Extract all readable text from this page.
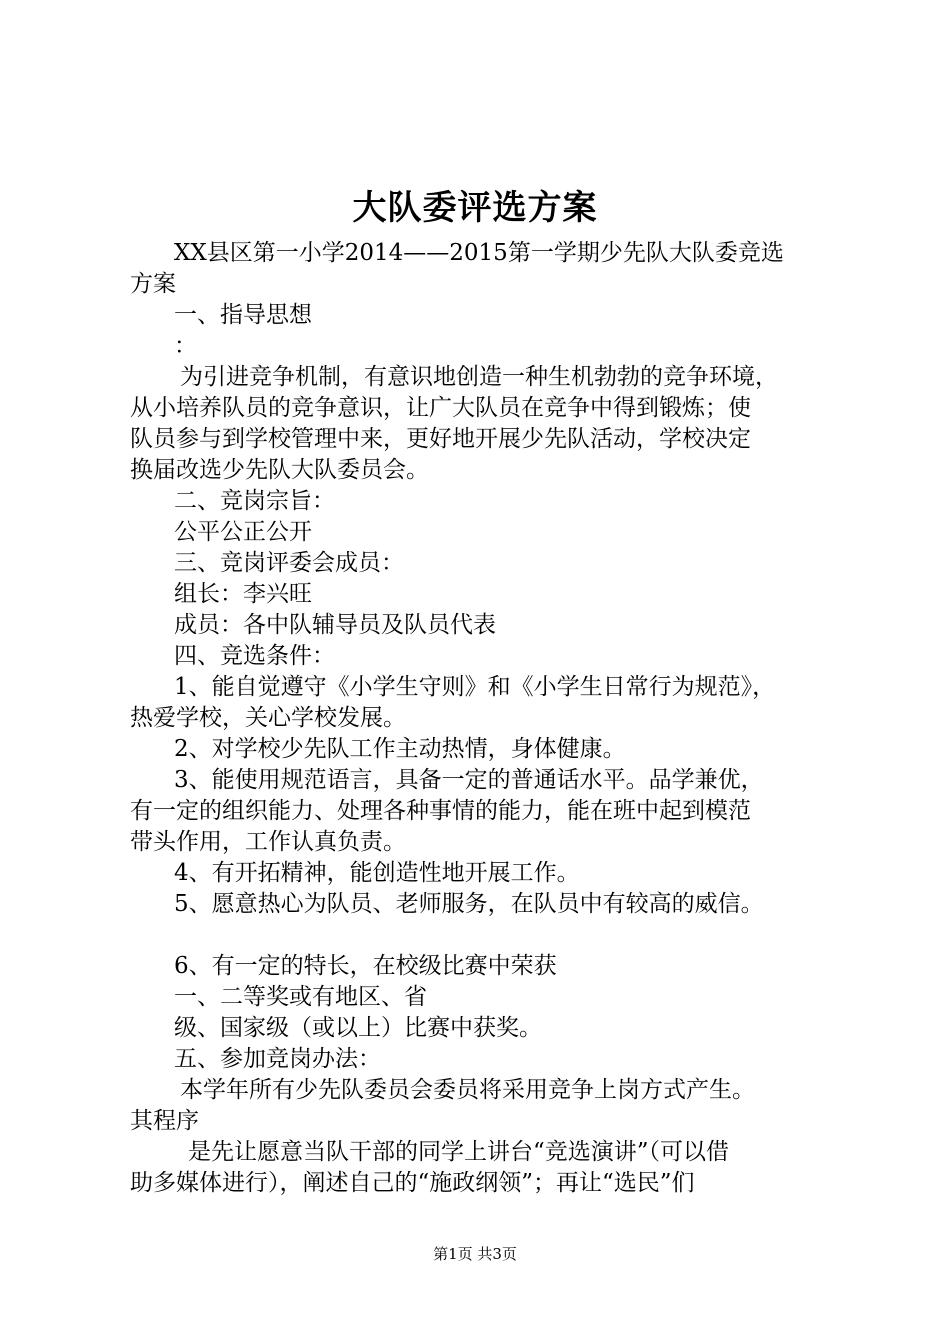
大队委评选方案
XX县区第一小学2014——2015第一学期少先队大队委竞选
方案
一、指导思想
：
为引进竞争机制，有意识地创造一种生机勃勃的竞争环境，
从小培养队员的竞争意识，让广大队员在竞争中得到锻炼；使
队员参与到学校管理中来，更好地开展少先队活动，学校决定
换届改选少先队大队委员会。
二、竞岗宗旨：
公平公正公开
三、竞岗评委会成员：
组长：李兴旺
成员：各中队辅导员及队员代表
四、竞选条件：
1、能自觉遵守《小学生守则》和《小学生日常行为规范》，
热爱学校，关心学校发展。
2、对学校少先队工作主动热情，身体健康。
3、能使用规范语言，具备一定的普通话水平。品学兼优，
有一定的组织能力、处理各种事情的能力，能在班中起到模范
带头作用，工作认真负责。
4、有开拓精神，能创造性地开展工作。
5、愿意热心为队员、老师服务，在队员中有较高的威信。
6、有一定的特长，在校级比赛中荣获
一、二等奖或有地区、省
级、国家级（或以上）比赛中获奖。
五、参加竞岗办法：
本学年所有少先队委员会委员将采用竞争上岗方式产生。
其程序
是先让愿意当队干部的同学上讲台“竞选演讲”（可以借
助多媒体进行），阐述自己的“施政纲领”；再让“选民”们
第1页 共3页
